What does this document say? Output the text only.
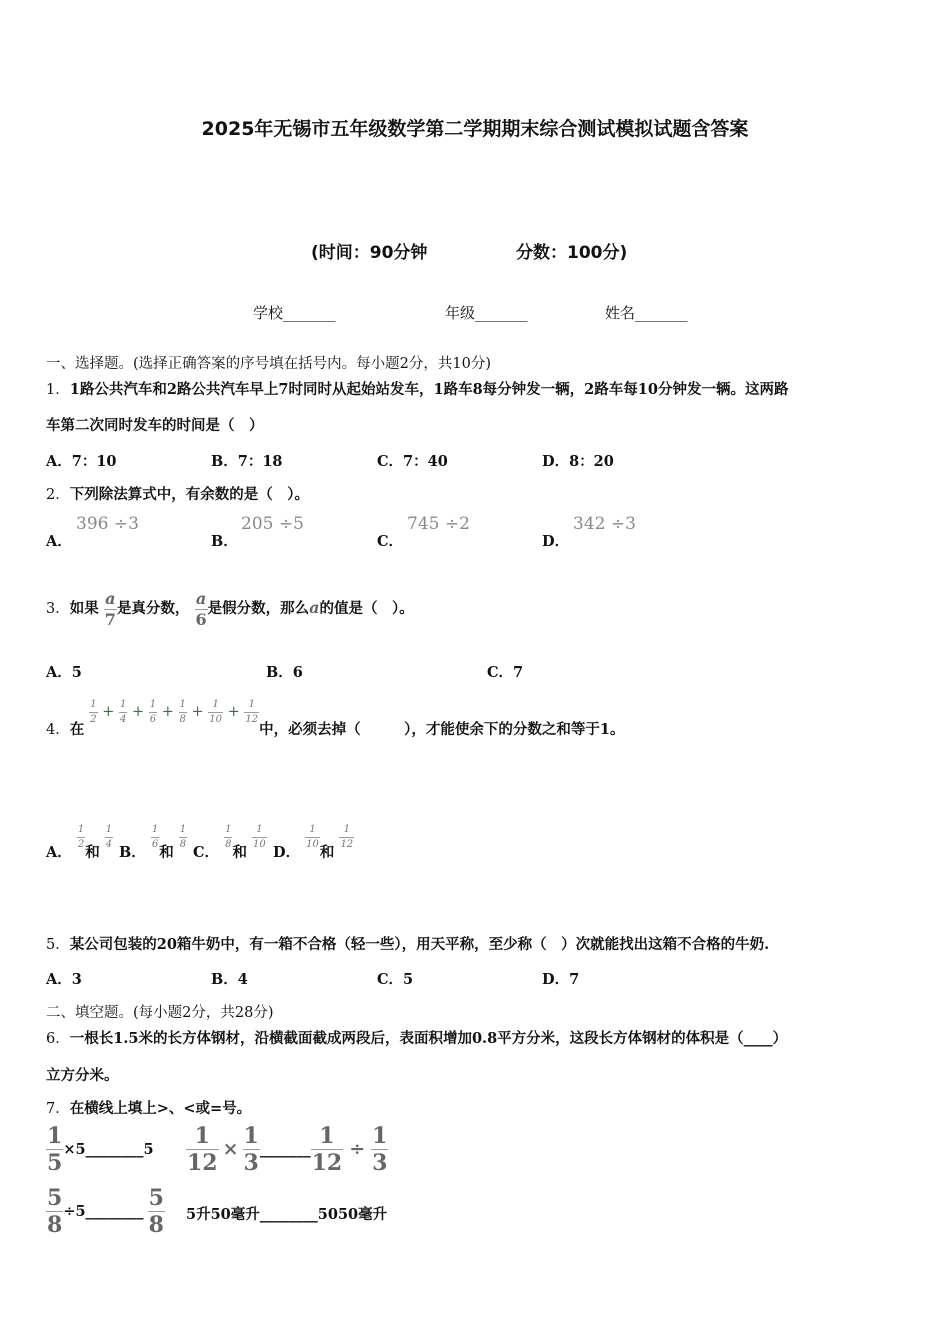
2025年无锡市五年级数学第二学期期末综合测试模拟试题含答案
(时间：90分钟	分数：100分)
学校_______	年级_______	姓名_______
一、选择题。(选择正确答案的序号填在括号内。每小题2分，共10分)
1．1路公共汽车和2路公共汽车早上7时同时从起始站发车，1路车8每分钟发一辆，2路车每10分钟发一辆。这两路
车第二次同时发车的时间是（　）
A．7：10	B．7：18	C．7：40	D．8：20
2．下列除法算式中，有余数的是（　）。
A．
396 ÷3
B．
205 ÷5
C．
745 ÷2
D．
342 ÷3
3．如果 $\frac{a}{7}$ 是真分数， $\frac{a}{6}$ 是假分数，那么a的值是（　）。
A．5	B．6	C．7
4．在
$\frac{1}{2} + \frac{1}{4} + \frac{1}{6} + \frac{1}{8} + \frac{1}{10} + \frac{1}{12}$
中，必须去掉（　　　），才能使余下的分数之和等于1。
A．
$\frac{1}{2}$
和
$\frac{1}{4}$
B．
$\frac{1}{6}$
和
$\frac{1}{8}$
C．
$\frac{1}{8}$
和
$\frac{1}{10}$
D．
$\frac{1}{10}$
和
$\frac{1}{12}$
5．某公司包装的20箱牛奶中，有一箱不合格（轻一些），用天平称，至少称（　）次就能找出这箱不合格的牛奶.
A．3	B．4	C．5	D．7
二、填空题。(每小题2分，共28分)
6．一根长1.5米的长方体钢材，沿横截面截成两段后，表面积增加0.8平方分米，这段长方体钢材的体积是（____）
立方分米。
7．在横线上填上>、<或=号。
$\frac{1}{5}$ ×5________5 $\frac{1}{12} \times \frac{1}{3}$ _______ $\frac{1}{12} \div \frac{1}{3}$
$\frac{5}{8}$ ÷5________ $\frac{5}{8} 5$升50毫升________5050毫升
